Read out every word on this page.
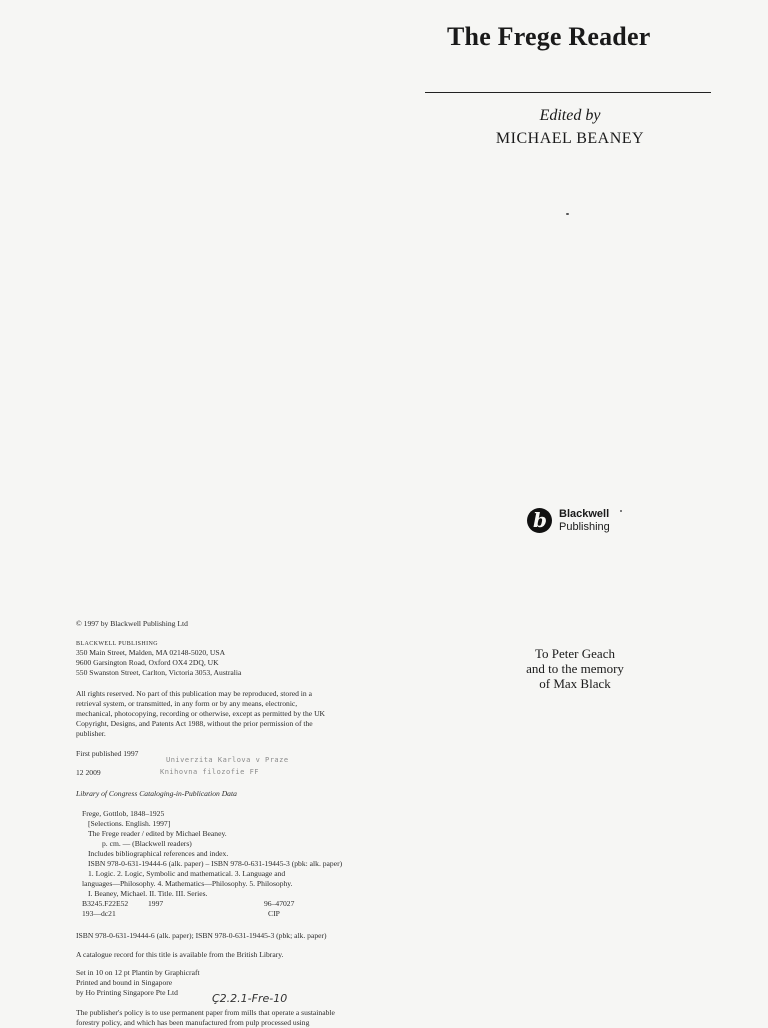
The Frege Reader
Edited by
MICHAEL BEANEY
b Blackwell
Publishing
© 1997 by Blackwell Publishing Ltd
BLACKWELL PUBLISHING
350 Main Street, Malden, MA 02148-5020, USA
9600 Garsington Road, Oxford OX4 2DQ, UK
550 Swanston Street, Carlton, Victoria 3053, Australia
All rights reserved. No part of this publication may be reproduced, stored in a
retrieval system, or transmitted, in any form or by any means, electronic,
mechanical, photocopying, recording or otherwise, except as permitted by the UK
Copyright, Designs, and Patents Act 1988, without the prior permission of the
publisher.
First published 1997
Univerzita Karlova v Praze
12 2009	Knihovna filozofie FF
Library of Congress Cataloging-in-Publication Data
Frege, Gottlob, 1848–1925
[Selections. English. 1997]
The Frege reader / edited by Michael Beaney.
p. cm. — (Blackwell readers)
Includes bibliographical references and index.
ISBN 978-0-631-19444-6 (alk. paper) – ISBN 978-0-631-19445-3 (pbk: alk. paper)
1. Logic. 2. Logic, Symbolic and mathematical. 3. Language and
languages—Philosophy. 4. Mathematics—Philosophy. 5. Philosophy.
I. Beaney, Michael. II. Title. III. Series.
B3245.F22E52	1997	96–47027
193—dc21	CIP
ISBN 978-0-631-19444-6 (alk. paper); ISBN 978-0-631-19445-3 (pbk; alk. paper)
A catalogue record for this title is available from the British Library.
Set in 10 on 12 pt Plantin by Graphicraft
Printed and bound in Singapore
by Ho Printing Singapore Pte Ltd	Ç2.2.1-Fre-10
The publisher's policy is to use permanent paper from mills that operate a sustainable
forestry policy, and which has been manufactured from pulp processed using
To Peter Geach
and to the memory
of Max Black
